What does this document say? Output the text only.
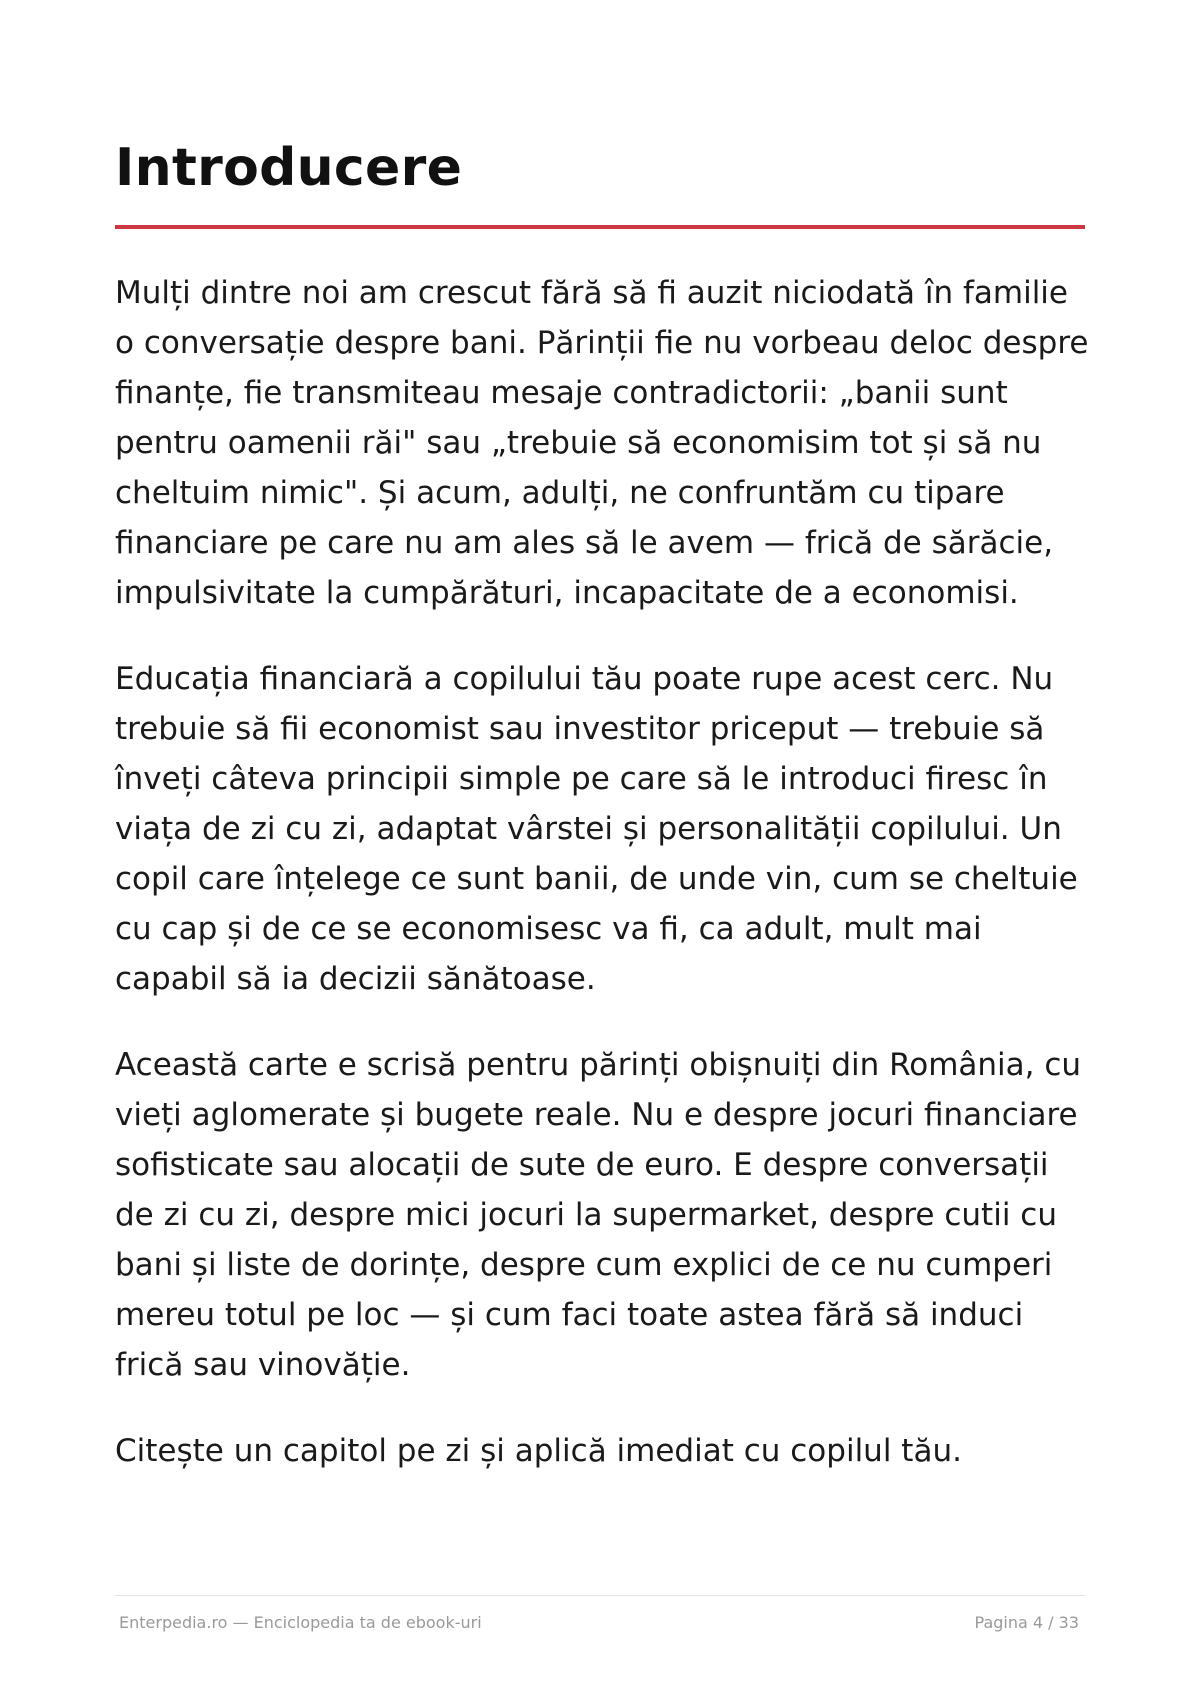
Introducere

Mulți dintre noi am crescut fără să fi auzit niciodată în familie o conversație despre bani. Părinții fie nu vorbeau deloc despre finanțe, fie transmiteau mesaje contradictorii: „banii sunt pentru oamenii răi" sau „trebuie să economisim tot și să nu cheltuim nimic". Și acum, adulți, ne confruntăm cu tipare financiare pe care nu am ales să le avem — frică de sărăcie, impulsivitate la cumpărături, incapacitate de a economisi.

Educația financiară a copilului tău poate rupe acest cerc. Nu trebuie să fii economist sau investitor priceput — trebuie să înveți câteva principii simple pe care să le introduci firesc în viața de zi cu zi, adaptat vârstei și personalității copilului. Un copil care înțelege ce sunt banii, de unde vin, cum se cheltuie cu cap și de ce se economisesc va fi, ca adult, mult mai capabil să ia decizii sănătoase.

Această carte e scrisă pentru părinți obișnuiți din România, cu vieți aglomerate și bugete reale. Nu e despre jocuri financiare sofisticate sau alocații de sute de euro. E despre conversații de zi cu zi, despre mici jocuri la supermarket, despre cutii cu bani și liste de dorințe, despre cum explici de ce nu cumperi mereu totul pe loc — și cum faci toate astea fără să induci frică sau vinovăție.

Citește un capitol pe zi și aplică imediat cu copilul tău.

Enterpedia.ro — Enciclopedia ta de ebook-uri	Pagina 4 / 33
